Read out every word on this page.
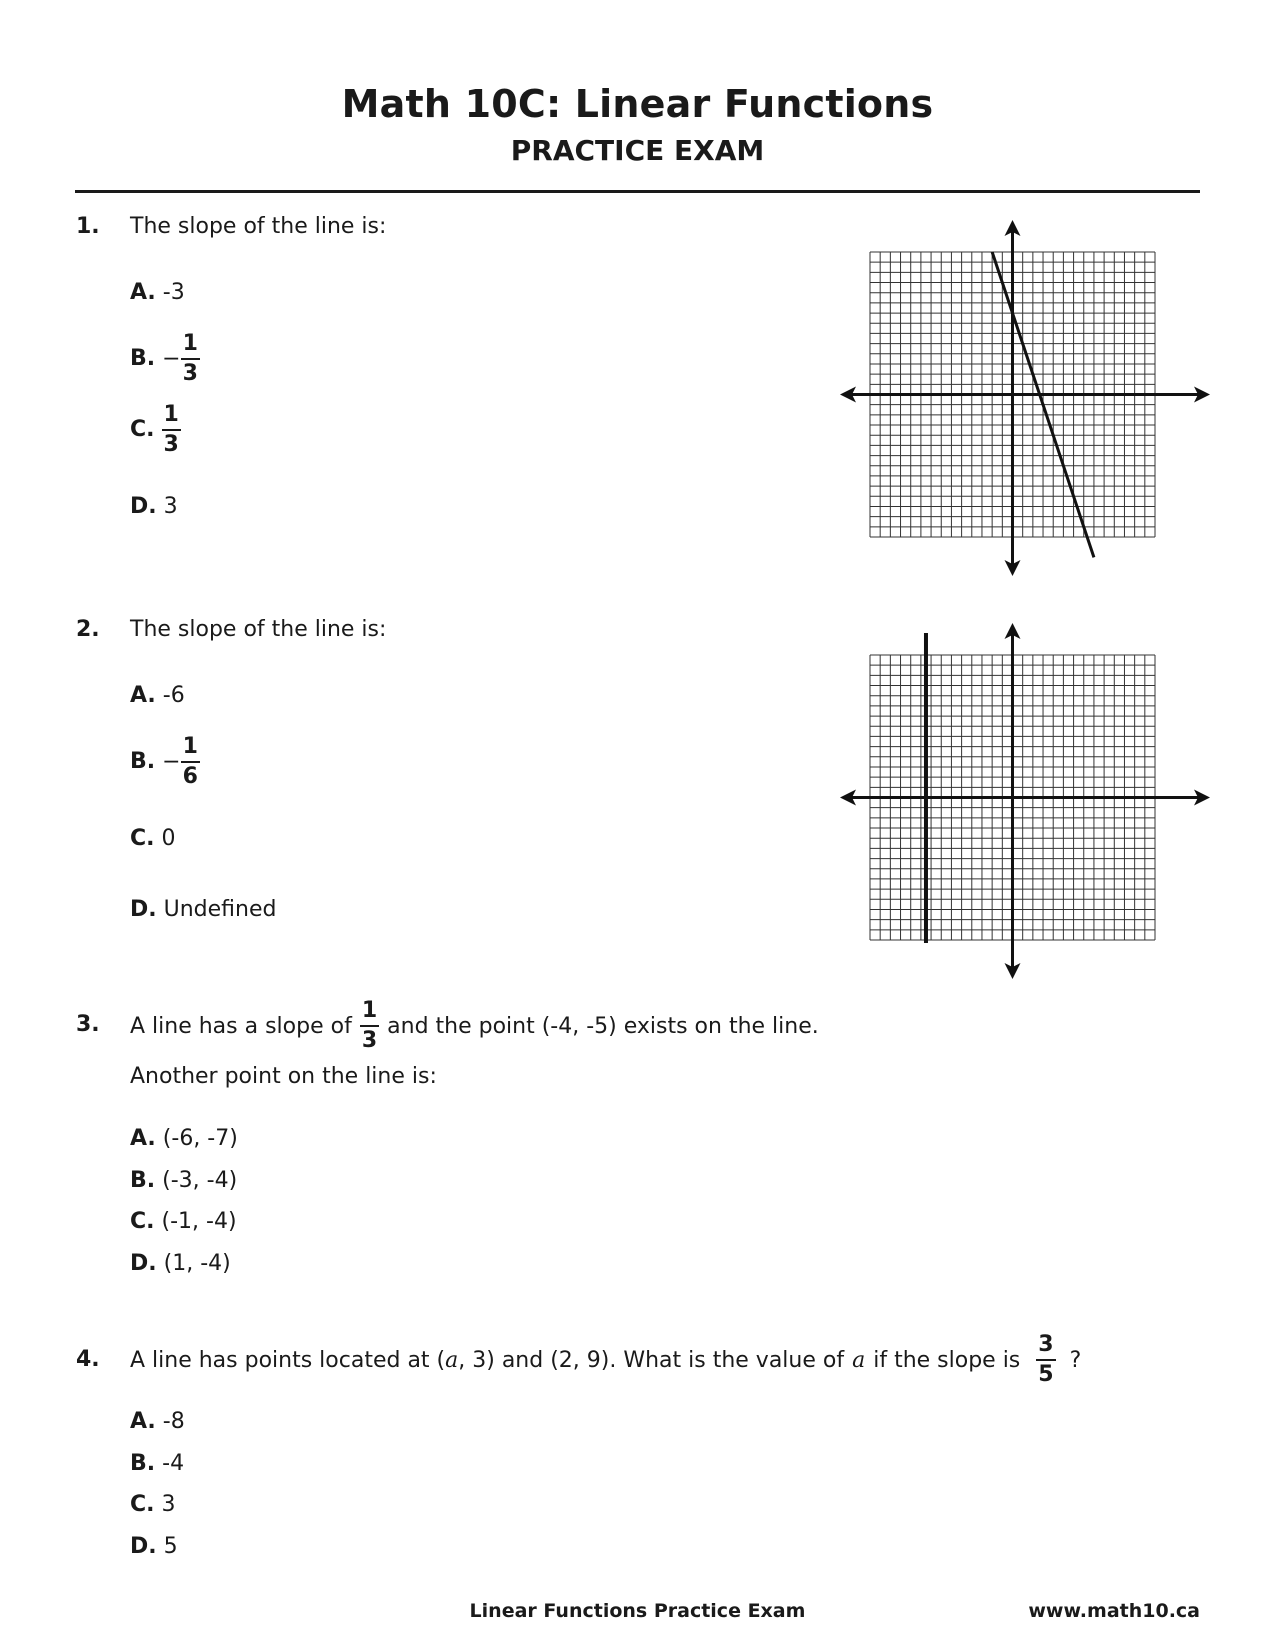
Math 10C: Linear Functions
PRACTICE EXAM
1. The slope of the line is:
A. -3
B. − $\frac{1}{3}$
C. $\frac{1}{3}$
D. 3
2. The slope of the line is:
A. -6
B. − $\frac{1}{6}$
C. 0
D. Undefined
3. A line has a slope of $\frac{1}{3}$ and the point (-4, -5) exists on the line.
Another point on the line is:
A. (-6, -7)
B. (-3, -4)
C. (-1, -4)
D. (1, -4)
4. A line has points located at ( a , 3) and (2, 9). What is the value of a if the slope is $\frac{3}{5}$ ?
A. -8
B. -4
C. 3
D. 5
Linear Functions Practice Exam	www.math10.ca
